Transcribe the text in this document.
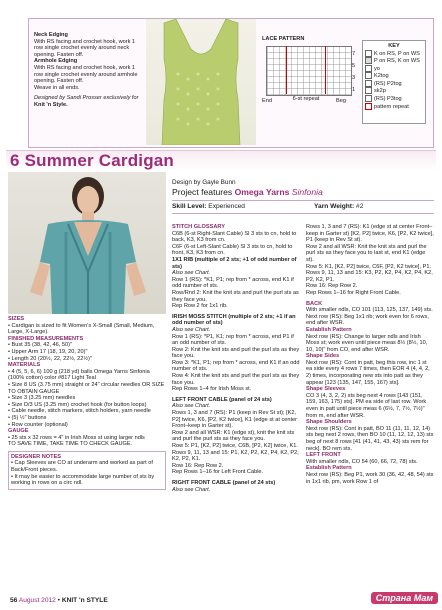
Neck Edging
With RS facing and crochet hook, work 1 row single crochet evenly around neck opening. Fasten off.
Armhole Edging
With RS facing and crochet hook, work 1 row single crochet evenly around armhole opening. Fasten off.
Weave in all ends.
Designed by Sandi Prosser exclusively for Knit 'n Style.
LACE PATTERN
7
5
3
1
End	6-st repeat	Beg
KEY
K on RS, P on WS
P on RS, K on WS
yo
K2tog
(RS) P2tog
sk2p
(RS) P3tog
pattern repeat
6 Summer Cardigan
Design by Gayle Bunn
Project features Omega Yarns Sinfonia
Skill Level: Experienced	Yarn Weight: #2
SIZES
• Cardigan is sized to fit Women's X-Small (Small, Medium, Large, X-Large).
FINISHED MEASUREMENTS
• Bust 35 (38, 42, 46, 50)"
• Upper Arm 17 (18, 19, 20, 20)"
• Length 20 (20½, 22, 22½, 22½)"
MATERIALS
• 4 (5, 5, 6, 6) 100 g (218 yd) balls Omega Yarns Sinfonia (100% cotton) color #817 Light Teal
• Size 8 US (3.75 mm) straight or 24" circular needles OR SIZE TO OBTAIN GAUGE
• Size 3 (3.25 mm) needles
• Size D/3 US (3.25 mm) crochet hook (for button loops)
• Cable needle, stitch markers, stitch holders, yarn needle
• (5) ½" buttons
• Row counter (optional)
GAUGE
• 25 sts x 32 rows = 4" in Irish Moss st using larger ndls
TO SAVE TIME, TAKE TIME TO CHECK GAUGE.
DESIGNER NOTES
• Cap Sleeves are CO at underarm and worked as part of Back/Front pieces.
• It may be easier to accommodate large number of sts by working in rows on a circ ndl.
STITCH GLOSSARY
C6B (6-st Right-Slant Cable) Sl 3 sts to cn, hold to back, K3, K3 from cn.
C6F (6-st Left-Slant Cable) Sl 3 sts to cn, hold to front, K3, K3 from cn.
1X1 RIB (multiple of 2 sts; +1 of odd number of sts)
Also see Chart.
Row 1 (RS): *K1, P1; rep from * across, end K1 if odd number of sts.
Row/Rnd 2: Knit the knit sts and purl the purl sts as they face you.
Rep Row 2 for 1x1 rib.
IRISH MOSS STITCH (multiple of 2 sts; +1 if an odd number of sts)
Also see Chart.
Row 1 (RS): *P1, K1; rep from * across, end P1 if an odd number of sts.
Row 2: Knit the knit sts and purl the purl sts as they face you.
Row 3: *K1, P1; rep from * across, end K1 if an odd number of sts.
Row 4: Knit the knit sts and purl the purl sts as they face you.
Rep Rows 1–4 for Irish Moss st.
LEFT FRONT CABLE (panel of 24 sts)
Also see Chart.
Rows 1, 3 and 7 (RS): P1 (keep in Rev St st); [K2, P2] twice, K6, [P2, K2 twice], K1 (edge st at center Front–keep in Garter st).
Row 2 and all WSR: K1 (edge st), knit the knit sts and purl the purl sts as they face you.
Row 5: P1, [K2, P2] twice, C6B, [P2, K2] twice, K1.
Rows 9, 11, 13 and 15: P1, K2, P2, K2, P4, K2, P2, K2, P2, K1.
Row 16: Rep Row 2.
Rep Rows 1–16 for Left Front Cable.
RIGHT FRONT CABLE (panel of 24 sts)
Also see Chart.
Rows 1, 3 and 7 (RS): K1 (edge st at center Front–keep in Garter st) [K2, P2] twice, K6, [P2, K2 twice], P1 (keep in Rev St st).
Row 2 and all WSR: Knit the knit sts and purl the purl sts as they face you to last st, end K1 (edge st).
Row 5: K1, [K2, P2] twice, C6F, [P2, K2 twice], P1.
Rows 9, 11, 13 and 15: K3, P2, K2, P4, K2, P4, K2, P2, K2, P1.
Row 16: Rep Row 2.
Rep Rows 1–16 for Right Front Cable.
BACK
With smaller ndls, CO 101 (113, 125, 137, 149) sts. Next row (RS): Beg 1x1 rib; work even for 6 rows, end after WSR.
Establish Pattern
Next row (RS): Change to larger ndls and Irish Moss st; work even until piece meas 8½ (8½, 10, 10, 10)" from CO, end after WSR.
Shape Sides
Next row (RS): Cont in patt, beg this row, inc 1 st ea side every 4 rows 7 times, then EOR 4 (4, 4, 2, 2) times, incorporating new sts into patt as they appear [123 (135, 147, 155, 167) sts].
Shape Sleeves
CO 3 (4, 3, 2, 2) sts beg next 4 rows [143 (151, 159, 163, 175) sts]. PM ea side of last row. Work even in patt until piece meas 6 (6½, 7, 7½, 7½)" from m, end after WSR.
Shape Shoulders
Next row (RS): Cont in patt, BO 11 (11, 11, 12, 14) sts beg next 2 rows, then BO 10 (11, 12, 12, 13) sts beg of next 8 rows [41 (41, 41, 43, 43) sts rem for neck]. BO rem sts.
LEFT FRONT
With smaller ndls, CO 54 (60, 66, 72, 78) sts.
Establish Pattern
Next row (RS): Beg P1, work 30 (36, 42, 48, 54) sts in 1x1 rib, pm, work Row 1 of
56 August 2012 • KNIT 'n STYLE	Страна Мам
